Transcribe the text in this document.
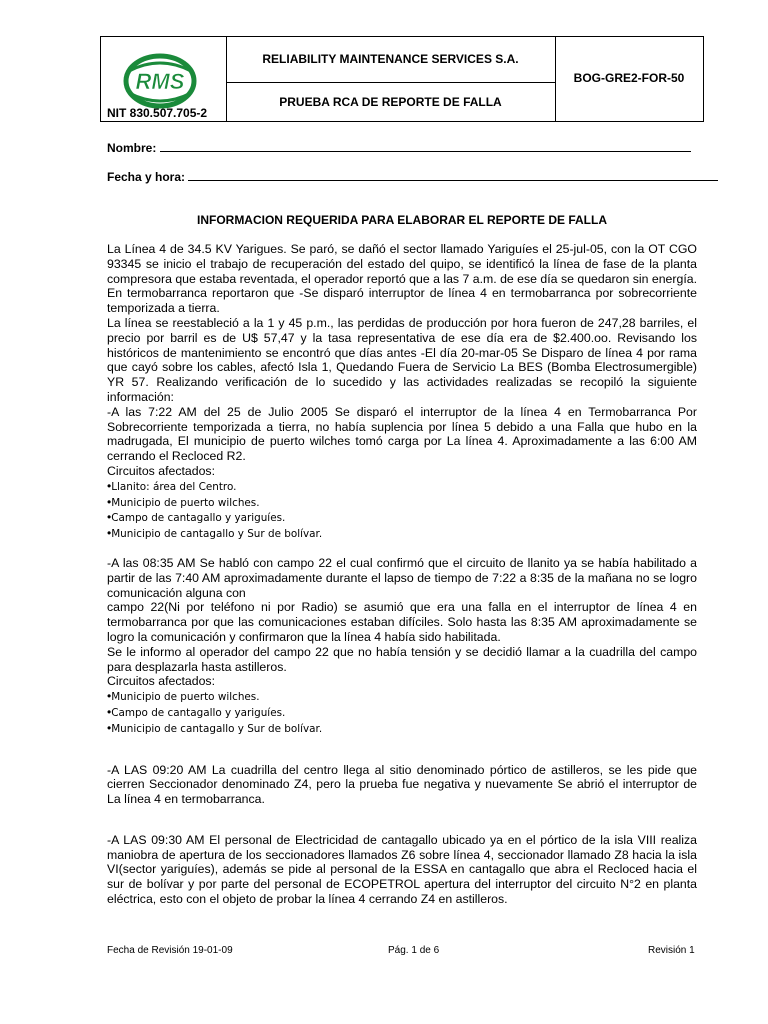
RMS
NIT 830.507.705-2
RELIABILITY MAINTENANCE SERVICES S.A.
PRUEBA RCA DE REPORTE DE FALLA
BOG-GRE2-FOR-50
Nombre:
Fecha y hora:
INFORMACION REQUERIDA PARA ELABORAR EL REPORTE DE FALLA

La Línea 4 de 34.5 KV Yarigues. Se paró, se dañó el sector llamado Yariguíes el 25-jul-05, con la OT CGO 93345 se inicio el trabajo de recuperación del estado del quipo, se identificó la línea de fase de la planta compresora que estaba reventada, el operador reportó que a las 7 a.m. de ese día se quedaron sin energía. En termobarranca reportaron que -Se disparó interruptor de línea 4 en termobarranca por sobrecorriente temporizada a tierra.

La línea se reestableció a la 1 y 45 p.m., las perdidas de producción por hora fueron de 247,28 barriles, el precio por barril es de U$ 57,47 y la tasa representativa de ese día era de $2.400.oo. Revisando los históricos de mantenimiento se encontró que días antes -El día 20-mar-05 Se Disparo de línea 4 por rama que cayó sobre los cables, afectó Isla 1, Quedando Fuera de Servicio La BES (Bomba Electrosumergible) YR 57. Realizando verificación de lo sucedido y las actividades realizadas se recopiló la siguiente información:

-A las 7:22 AM del 25 de Julio 2005 Se disparó el interruptor de la línea 4 en Termobarranca Por Sobrecorriente temporizada a tierra, no había suplencia por línea 5 debido a una Falla que hubo en la madrugada, El municipio de puerto wilches tomó carga por La línea 4. Aproximadamente a las 6:00 AM cerrando el Recloced R2.

Circuitos afectados:

• Llanito: área del Centro.
• Municipio de puerto wilches.
• Campo de cantagallo y yariguíes.
• Municipio de cantagallo y Sur de bolívar.

-A las 08:35 AM Se habló con campo 22 el cual confirmó que el circuito de llanito ya se había habilitado a partir de las 7:40 AM aproximadamente durante el lapso de tiempo de 7:22 a 8:35 de la mañana no se logro comunicación alguna con

campo 22(Ni por teléfono ni por Radio) se asumió que era una falla en el interruptor de línea 4 en termobarranca por que las comunicaciones estaban difíciles. Solo hasta las 8:35 AM aproximadamente se logro la comunicación y confirmaron que la línea 4 había sido habilitada.

Se le informo al operador del campo 22 que no había tensión y se decidió llamar a la cuadrilla del campo para desplazarla hasta astilleros.

Circuitos afectados:

• Municipio de puerto wilches.
• Campo de cantagallo y yariguíes.
• Municipio de cantagallo y Sur de bolívar.

-A LAS 09:20 AM La cuadrilla del centro llega al sitio denominado pórtico de astilleros, se les pide que cierren Seccionador denominado Z4, pero la prueba fue negativa y nuevamente Se abrió el interruptor de La línea 4 en termobarranca.

-A LAS 09:30 AM El personal de Electricidad de cantagallo ubicado ya en el pórtico de la isla VIII realiza maniobra de apertura de los seccionadores llamados Z6 sobre línea 4, seccionador llamado Z8 hacia la isla VI(sector yariguíes), además se pide al personal de la ESSA en cantagallo que abra el Recloced hacia el sur de bolívar y por parte del personal de ECOPETROL apertura del interruptor del circuito N°2 en planta eléctrica, esto con el objeto de probar la línea 4 cerrando Z4 en astilleros.

Fecha de Revisión 19-01-09	Pág. 1 de 6	Revisión 1
